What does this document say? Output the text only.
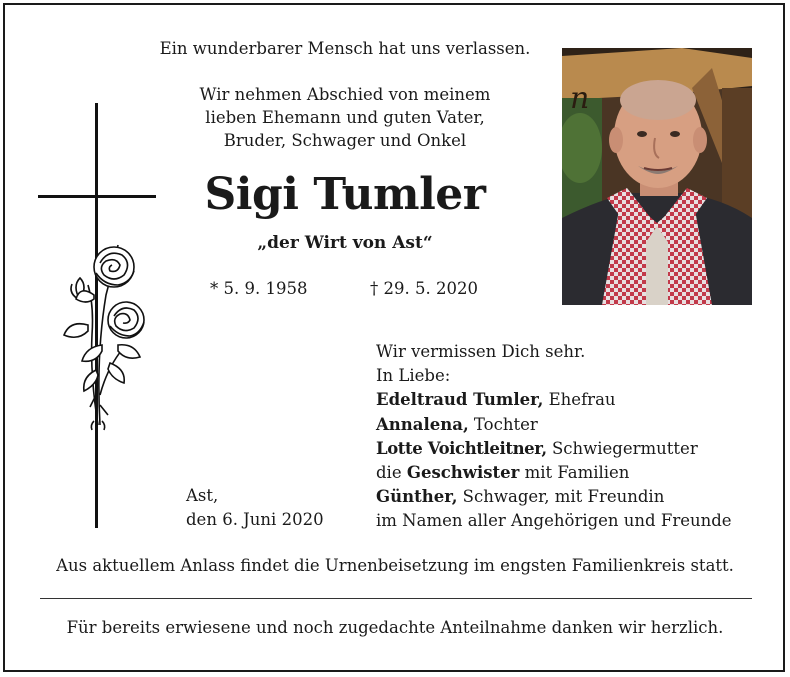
Ein wunderbarer Mensch hat uns verlassen.
Wir nehmen Abschied von meinem
lieben Ehemann und guten Vater,
Bruder, Schwager und Onkel
Sigi Tumler
„der Wirt von Ast“
* 5. 9. 1958	† 29. 5. 2020
n
Wir vermissen Dich sehr.
In Liebe:
Edeltraud Tumler, Ehefrau
Annalena, Tochter
Lotte Voichtleitner, Schwiegermutter
die Geschwister mit Familien
Günther, Schwager, mit Freundin
im Namen aller Angehörigen und Freunde
Ast,
den 6. Juni 2020
Aus aktuellem Anlass findet die Urnenbeisetzung im engsten Familienkreis statt.
Für bereits erwiesene und noch zugedachte Anteilnahme danken wir herzlich.
